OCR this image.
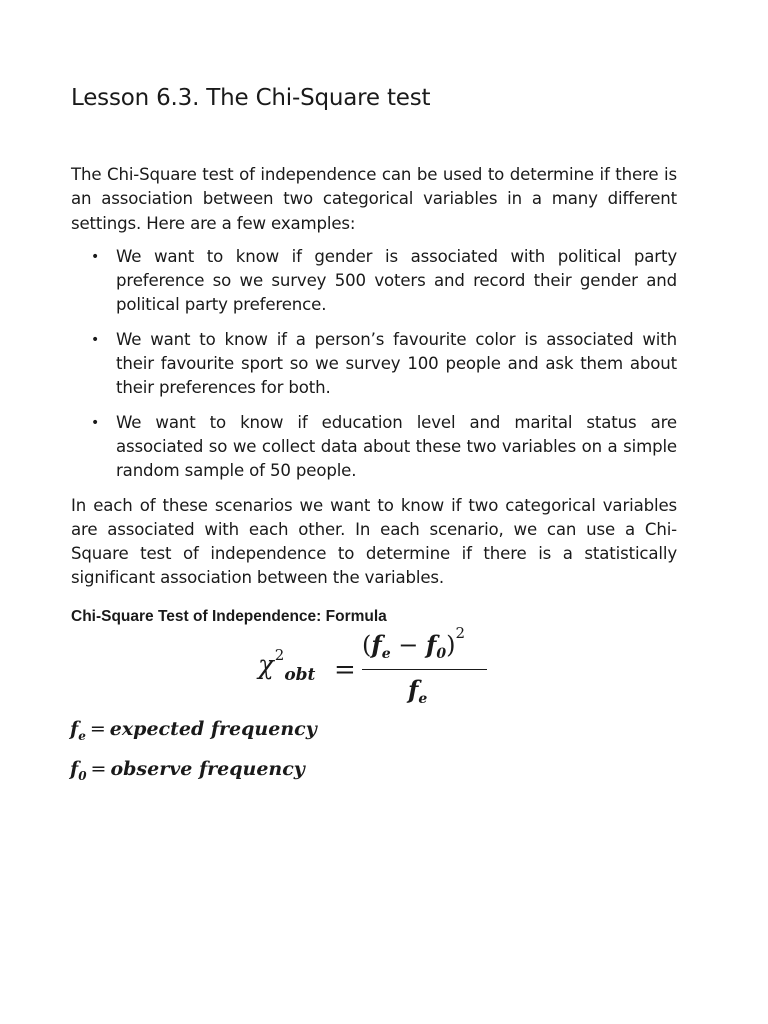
Lesson 6.3. The Chi-Square test

The Chi-Square test of independence can be used to determine if there is an association between two categorical variables in a many different settings. Here are a few examples:

• We want to know if gender is associated with political party preference so we survey 500 voters and record their gender and political party preference.
• We want to know if a person’s favourite color is associated with their favourite sport so we survey 100 people and ask them about their preferences for both.
• We want to know if education level and marital status are associated so we collect data about these two variables on a simple random sample of 50 people.

In each of these scenarios we want to know if two categorical variables are associated with each other. In each scenario, we can use a Chi-Square test of independence to determine if there is a statistically significant association between the variables.

Chi-Square Test of Independence: Formula

$\chi^2_{obt}$ =
$(f_e - f_0)^2$
$f_e$
$f_e$ = expected frequency
$f_0$ = observe frequency
